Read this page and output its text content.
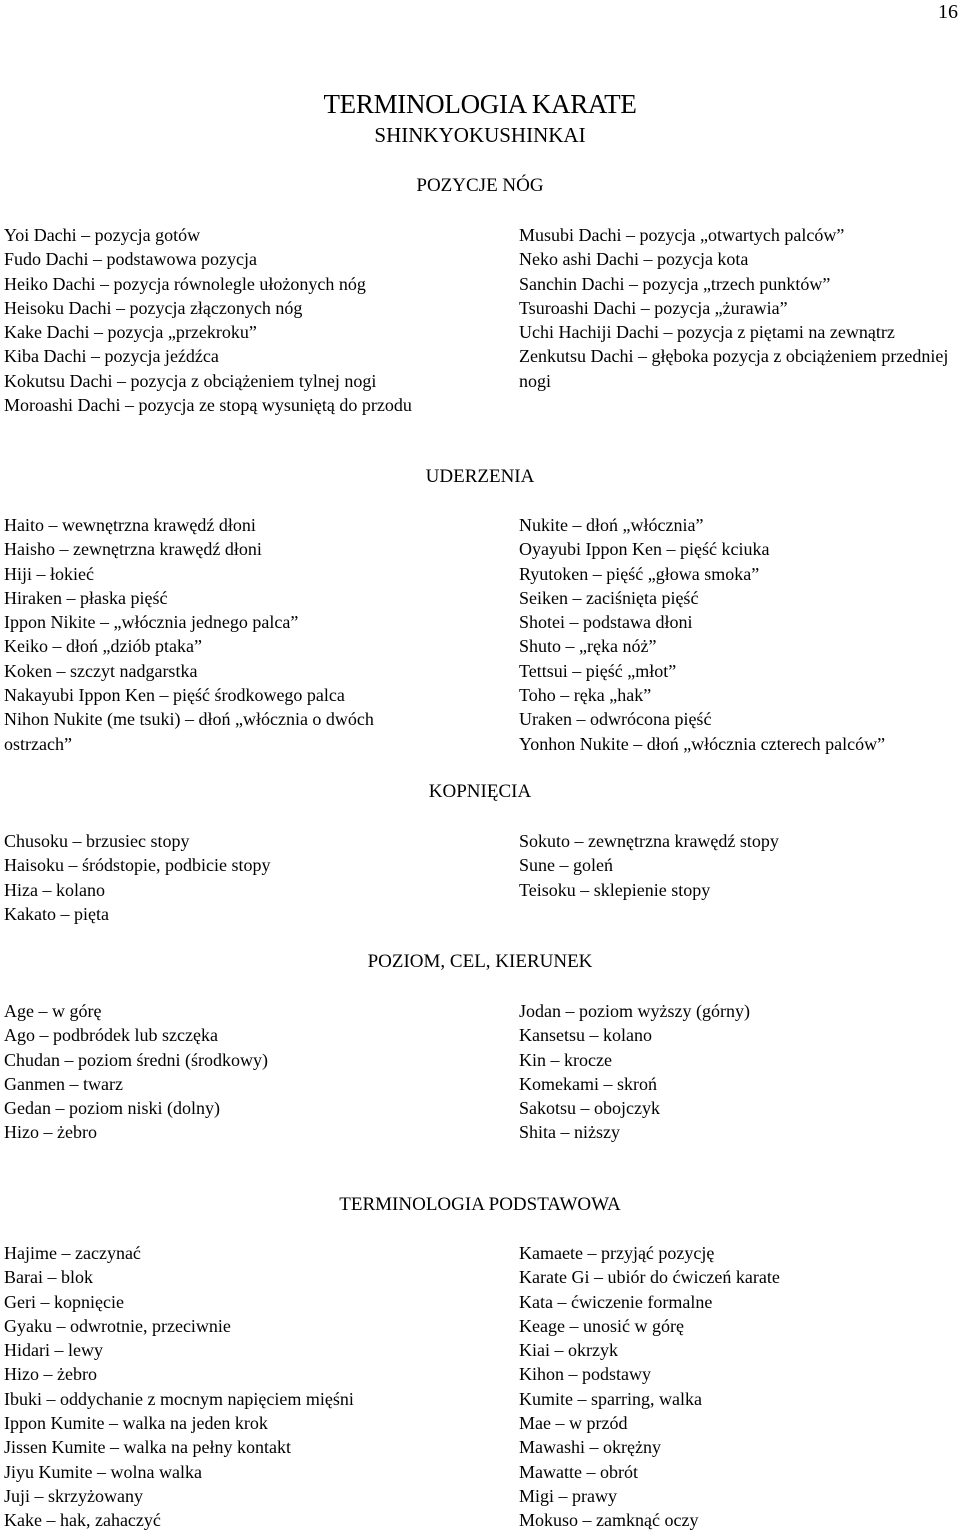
16
TERMINOLOGIA KARATE
SHINKYOKUSHINKAI
POZYCJE NÓG
Yoi Dachi – pozycja gotów
Fudo Dachi – podstawowa pozycja
Heiko Dachi – pozycja równolegle ułożonych nóg
Heisoku Dachi – pozycja złączonych nóg
Kake Dachi – pozycja „przekroku”
Kiba Dachi – pozycja jeźdźca
Kokutsu Dachi – pozycja z obciążeniem tylnej nogi
Moroashi Dachi – pozycja ze stopą wysuniętą do przodu
Musubi Dachi – pozycja „otwartych palców”
Neko ashi Dachi – pozycja kota
Sanchin Dachi – pozycja „trzech punktów”
Tsuroashi Dachi – pozycja „żurawia”
Uchi Hachiji Dachi – pozycja z piętami na zewnątrz
Zenkutsu Dachi – głęboka pozycja z obciążeniem przedniej nogi
UDERZENIA
Haito – wewnętrzna krawędź dłoni
Haisho – zewnętrzna krawędź dłoni
Hiji – łokieć
Hiraken – płaska pięść
Ippon Nikite – „włócznia jednego palca”
Keiko – dłoń „dziób ptaka”
Koken – szczyt nadgarstka
Nakayubi Ippon Ken – pięść środkowego palca
Nihon Nukite (me tsuki) – dłoń „włócznia o dwóch ostrzach”
Nukite – dłoń „włócznia”
Oyayubi Ippon Ken – pięść kciuka
Ryutoken – pięść „głowa smoka”
Seiken – zaciśnięta pięść
Shotei – podstawa dłoni
Shuto – „ręka nóż”
Tettsui – pięść „młot”
Toho – ręka „hak”
Uraken – odwrócona pięść
Yonhon Nukite – dłoń „włócznia czterech palców”
KOPNIĘCIA
Chusoku – brzusiec stopy
Haisoku – śródstopie, podbicie stopy
Hiza – kolano
Kakato – pięta
Sokuto – zewnętrzna krawędź stopy
Sune – goleń
Teisoku – sklepienie stopy
POZIOM, CEL, KIERUNEK
Age – w górę
Ago – podbródek lub szczęka
Chudan – poziom średni (środkowy)
Ganmen – twarz
Gedan – poziom niski (dolny)
Hizo – żebro
Jodan – poziom wyższy (górny)
Kansetsu – kolano
Kin – krocze
Komekami – skroń
Sakotsu – obojczyk
Shita – niższy
TERMINOLOGIA PODSTAWOWA
Hajime – zaczynać
Barai – blok
Geri – kopnięcie
Gyaku – odwrotnie, przeciwnie
Hidari – lewy
Hizo – żebro
Ibuki – oddychanie z mocnym napięciem mięśni
Ippon Kumite – walka na jeden krok
Jissen Kumite – walka na pełny kontakt
Jiyu Kumite – wolna walka
Juji – skrzyżowany
Kake – hak, zahaczyć
Kamaete – przyjąć pozycję
Karate Gi – ubiór do ćwiczeń karate
Kata – ćwiczenie formalne
Keage – unosić w górę
Kiai – okrzyk
Kihon – podstawy
Kumite – sparring, walka
Mae – w przód
Mawashi – okrężny
Mawatte – obrót
Migi – prawy
Mokuso – zamknąć oczy
